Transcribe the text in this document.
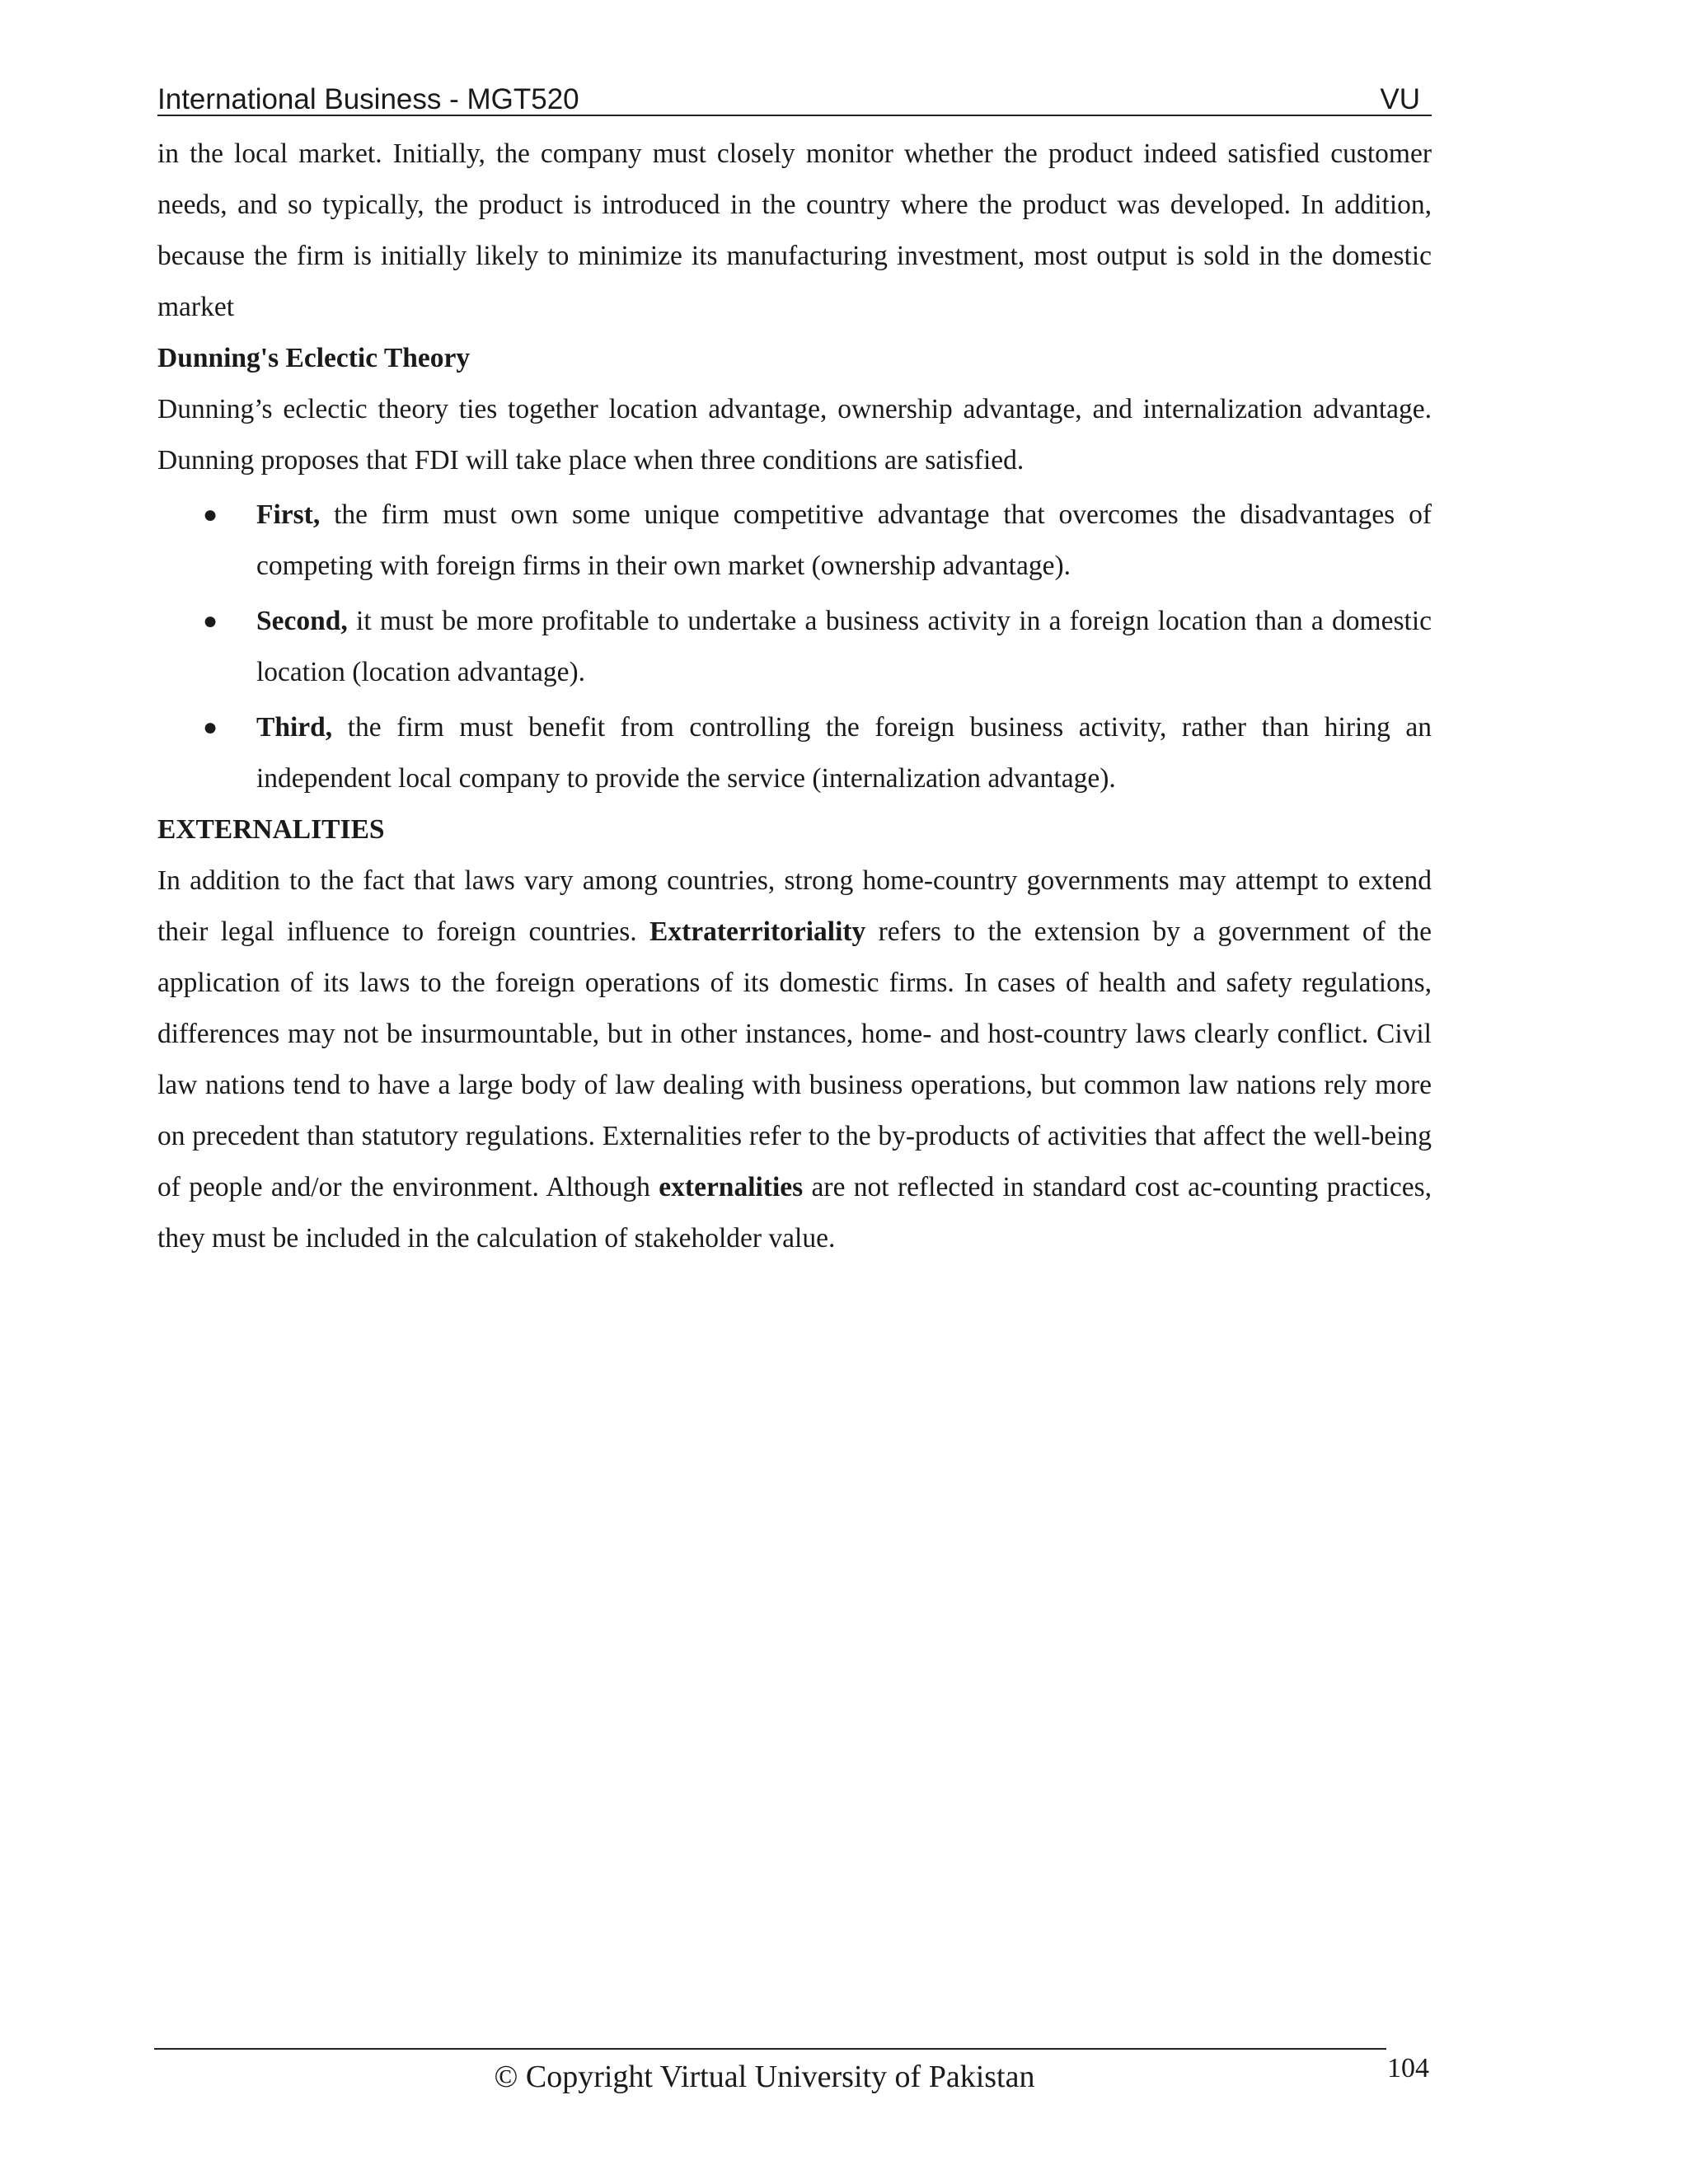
International Business - MGT520	VU

in the local market. Initially, the company must closely monitor whether the product indeed satisfied customer needs, and so typically, the product is introduced in the country where the product was developed. In addition, because the firm is initially likely to minimize its manufacturing investment, most output is sold in the domestic market

Dunning's Eclectic Theory

Dunning’s eclectic theory ties together location advantage, ownership advantage, and internalization advantage. Dunning proposes that FDI will take place when three conditions are satisfied.

● First, the firm must own some unique competitive advantage that overcomes the disadvantages of competing with foreign firms in their own market (ownership advantage).
● Second, it must be more profitable to undertake a business activity in a foreign location than a domestic location (location advantage).
● Third, the firm must benefit from controlling the foreign business activity, rather than hiring an independent local company to provide the service (internalization advantage).
EXTERNALITIES

In addition to the fact that laws vary among countries, strong home-country governments may attempt to extend their legal influence to foreign countries. Extraterritoriality refers to the extension by a government of the application of its laws to the foreign operations of its domestic firms. In cases of health and safety regulations, differences may not be insurmountable, but in other instances, home- and host-country laws clearly conflict. Civil law nations tend to have a large body of law dealing with business operations, but common law nations rely more on precedent than statutory regulations. Externalities refer to the by-products of activities that affect the well-being of people and/or the environment. Although externalities are not reflected in standard cost ac-counting practices, they must be included in the calculation of stakeholder value.

© Copyright Virtual University of Pakistan	104
